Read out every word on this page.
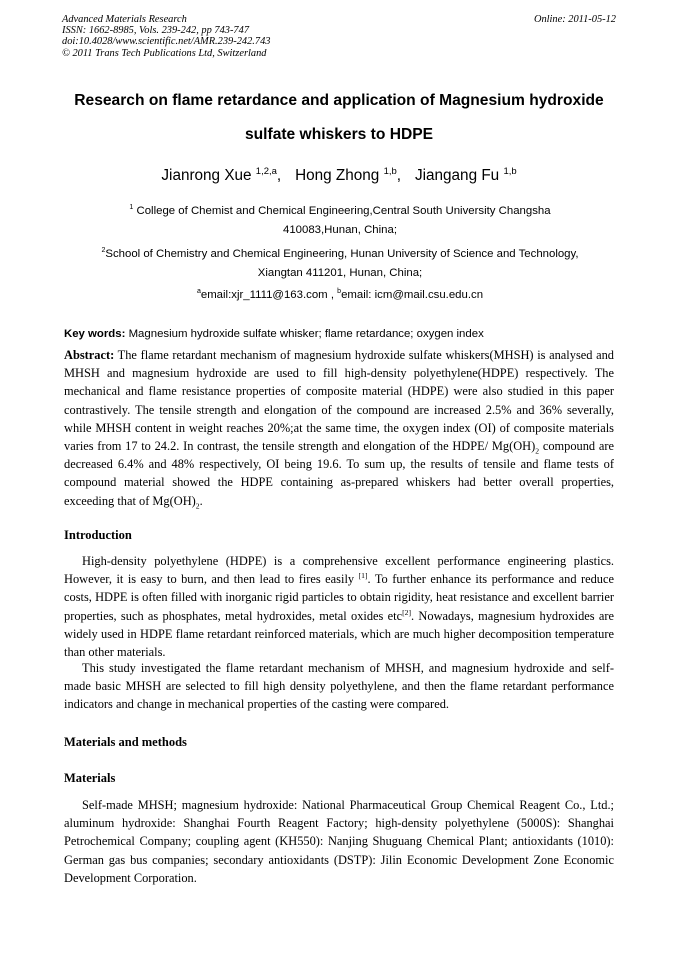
Advanced Materials Research
ISSN: 1662-8985, Vols. 239-242, pp 743-747
doi:10.4028/www.scientific.net/AMR.239-242.743
© 2011 Trans Tech Publications Ltd, Switzerland
Online: 2011-05-12
Research on flame retardance and application of Magnesium hydroxide
sulfate whiskers to HDPE
Jianrong Xue $^{1,2,a}$, Hong Zhong $^{1,b}$, Jiangang Fu $^{1,b}$
$^1$ College of Chemist and Chemical Engineering,Central South University Changsha
410083,Hunan, China;
$^2$School of Chemistry and Chemical Engineering, Hunan University of Science and Technology,
Xiangtan 411201, Hunan, China;
$^a$email:xjr_1111@163.com , $^b$email: icm@mail.csu.edu.cn
Key words: Magnesium hydroxide sulfate whisker; flame retardance; oxygen index
Abstract: The flame retardant mechanism of magnesium hydroxide sulfate whiskers(MHSH) is analysed and MHSH and magnesium hydroxide are used to fill high-density polyethylene(HDPE) respectively. The mechanical and flame resistance properties of composite material (HDPE) were also studied in this paper contrastively. The tensile strength and elongation of the compound are increased 2.5% and 36% severally, while MHSH content in weight reaches 20%;at the same time, the oxygen index (OI) of composite materials varies from 17 to 24.2. In contrast, the tensile strength and elongation of the HDPE/ $Mg(OH)_2$ compound are decreased 6.4% and 48% respectively, OI being 19.6. To sum up, the results of tensile and flame tests of compound material showed the HDPE containing as-prepared whiskers had better overall properties, exceeding that of $Mg(OH)_2$.
Introduction
High-density polyethylene (HDPE) is a comprehensive excellent performance engineering plastics. However, it is easy to burn, and then lead to fires easily [1]. To further enhance its performance and reduce costs, HDPE is often filled with inorganic rigid particles to obtain rigidity, heat resistance and excellent barrier properties, such as phosphates, metal hydroxides, metal oxides etc[2]. Nowadays, magnesium hydroxides are widely used in HDPE flame retardant reinforced materials, which are much higher decomposition temperature than other materials.
This study investigated the flame retardant mechanism of MHSH, and magnesium hydroxide and self-made basic MHSH are selected to fill high density polyethylene, and then the flame retardant performance indicators and change in mechanical properties of the casting were compared.
Materials and methods
Materials
Self-made MHSH; magnesium hydroxide: National Pharmaceutical Group Chemical Reagent Co., Ltd.; aluminum hydroxide: Shanghai Fourth Reagent Factory; high-density polyethylene (5000S): Shanghai Petrochemical Company; coupling agent (KH550): Nanjing Shuguang Chemical Plant; antioxidants (1010): German gas bus companies; secondary antioxidants (DSTP): Jilin Economic Development Zone Economic Development Corporation.
